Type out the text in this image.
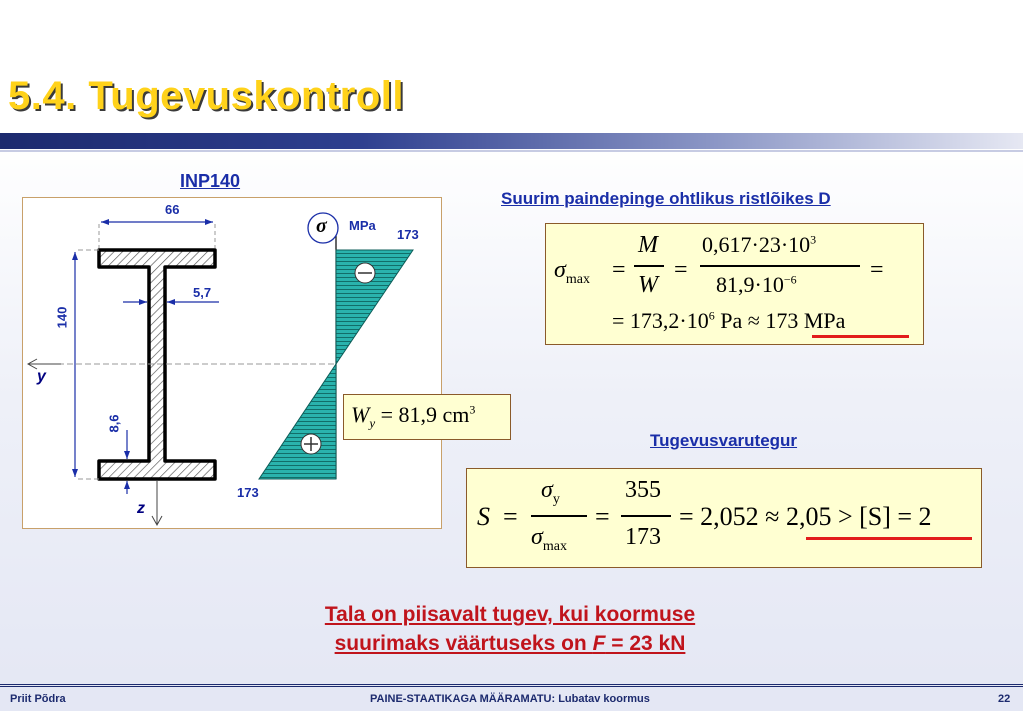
5.4. Tugevuskontroll
INP140
66
140
5,7
8,6
y
z
σ MPa
173
173
$W_y = 81,9$ $cm^3$
Suurim paindepinge ohtlikus ristlõikes D
$\sigma_{max}$ =
M
W
=
$0,617\cdot 23\cdot 10^3$
$81,9\cdot 10^{-6}$	=
= $173,2\cdot 10^6$ Pa ≈ 173 MPa
Tugevusvarutegur
S =
$\sigma_y$
$\sigma_{max}$
=
355
173
= 2,052 ≈ 2,05 > [S] = 2
Tala on piisavalt tugev, kui koormuse
suurimaks väärtuseks on F = 23 kN
Priit Põdra	PAINE-STAATIKAGA MÄÄRAMATU: Lubatav koormus	22
